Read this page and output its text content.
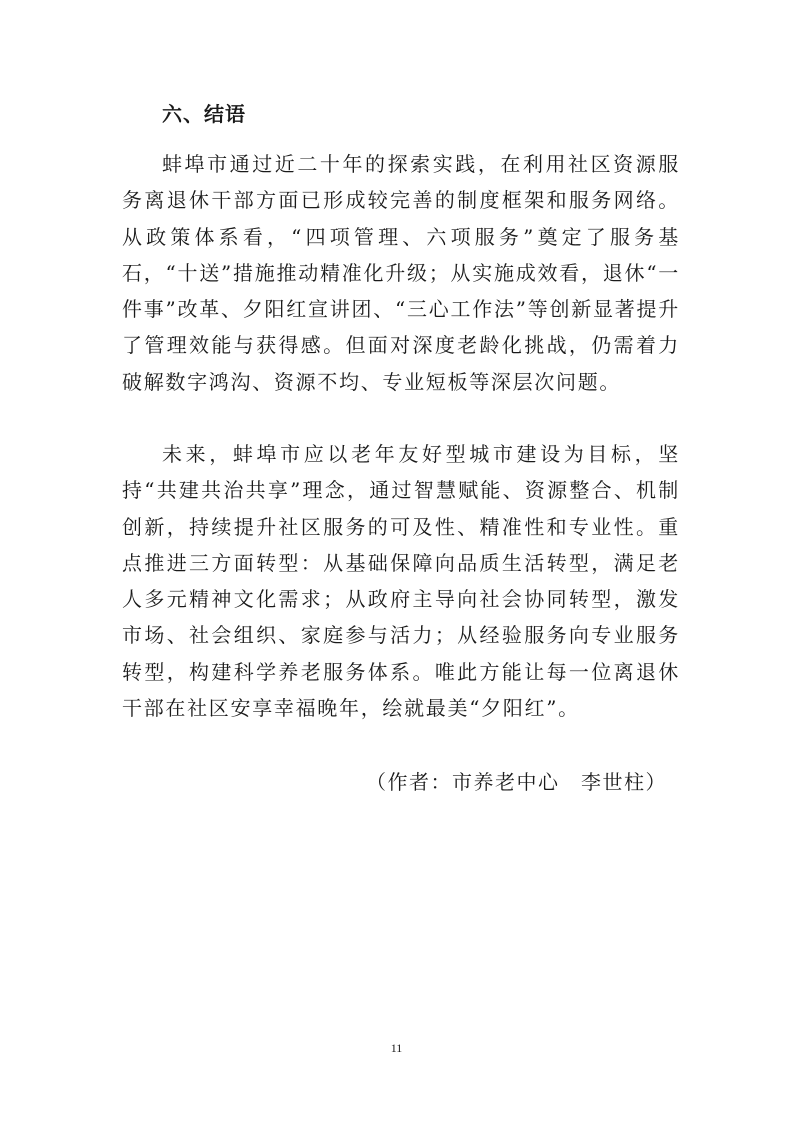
六、结语

蚌埠市通过近二十年的探索实践，在利用社区资源服务离退休干部方面已形成较完善的制度框架和服务网络。从政策体系看，“四项管理、六项服务”奠定了服务基石，“十送”措施推动精准化升级；从实施成效看，退休“一件事”改革、夕阳红宣讲团、“三心工作法”等创新显著提升了管理效能与获得感。但面对深度老龄化挑战，仍需着力破解数字鸿沟、资源不均、专业短板等深层次问题。

未来，蚌埠市应以老年友好型城市建设为目标，坚持“共建共治共享”理念，通过智慧赋能、资源整合、机制创新，持续提升社区服务的可及性、精准性和专业性。重点推进三方面转型：从基础保障向品质生活转型，满足老人多元精神文化需求；从政府主导向社会协同转型，激发市场、社会组织、家庭参与活力；从经验服务向专业服务转型，构建科学养老服务体系。唯此方能让每一位离退休干部在社区安享幸福晚年，绘就最美“夕阳红”。

（作者：市养老中心　李世柱）

11
